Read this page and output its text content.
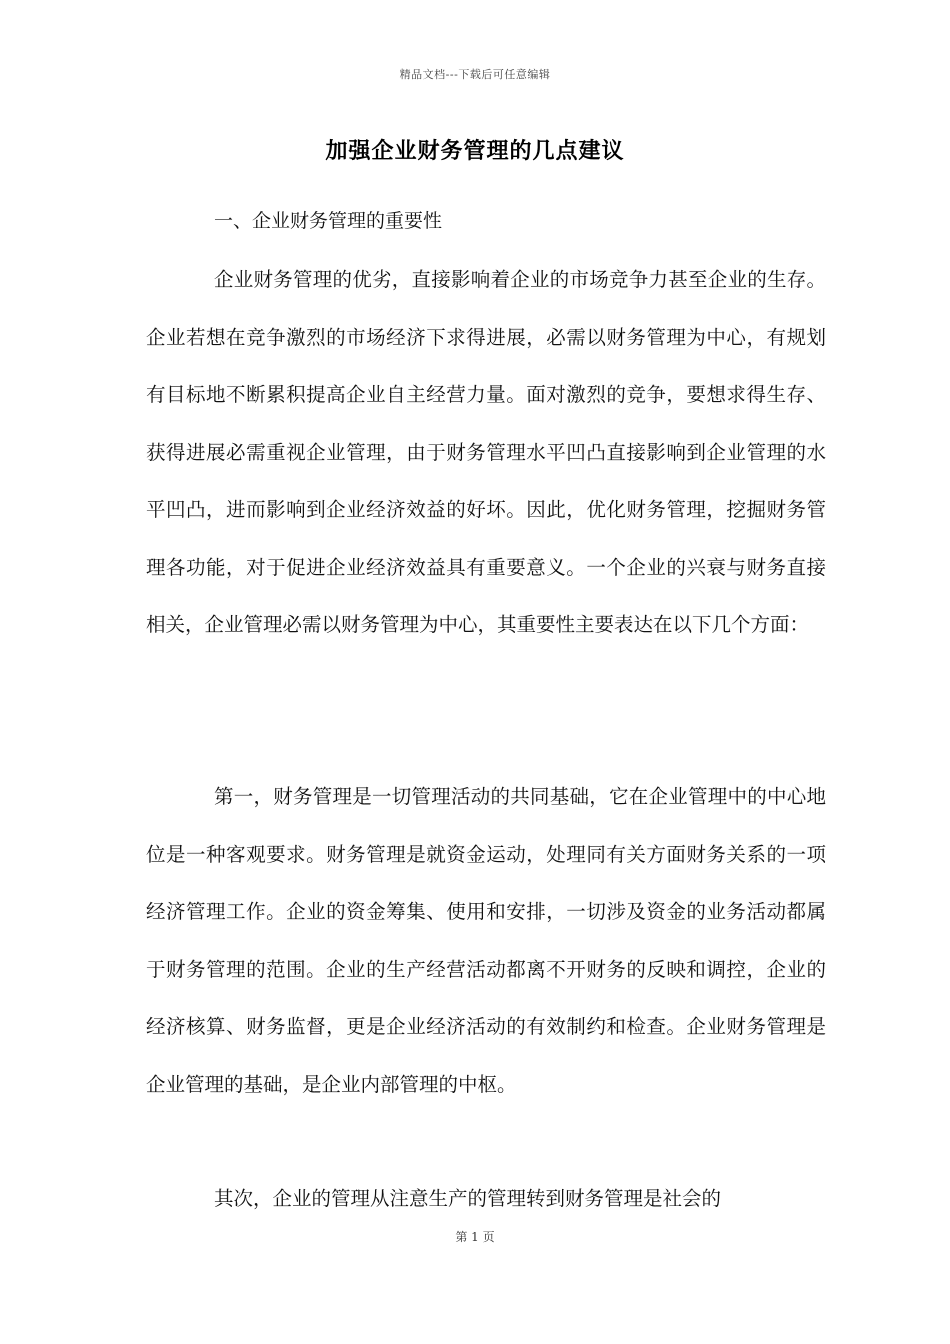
精品文档---下载后可任意编辑
加强企业财务管理的几点建议
一、企业财务管理的重要性

企业财务管理的优劣，直接影响着企业的市场竞争力甚至企业的生存。企业若想在竞争激烈的市场经济下求得进展，必需以财务管理为中心，有规划有目标地不断累积提高企业自主经营力量。面对激烈的竞争，要想求得生存、获得进展必需重视企业管理，由于财务管理水平凹凸直接影响到企业管理的水平凹凸，进而影响到企业经济效益的好坏。因此，优化财务管理，挖掘财务管理各功能，对于促进企业经济效益具有重要意义。一个企业的兴衰与财务直接相关，企业管理必需以财务管理为中心，其重要性主要表达在以下几个方面：

第一，财务管理是一切管理活动的共同基础，它在企业管理中的中心地位是一种客观要求。财务管理是就资金运动，处理同有关方面财务关系的一项经济管理工作。企业的资金筹集、使用和安排，一切涉及资金的业务活动都属于财务管理的范围。企业的生产经营活动都离不开财务的反映和调控，企业的经济核算、财务监督，更是企业经济活动的有效制约和检查。企业财务管理是企业管理的基础，是企业内部管理的中枢。

其次，企业的管理从注意生产的管理转到财务管理是社会的

第 1 页
